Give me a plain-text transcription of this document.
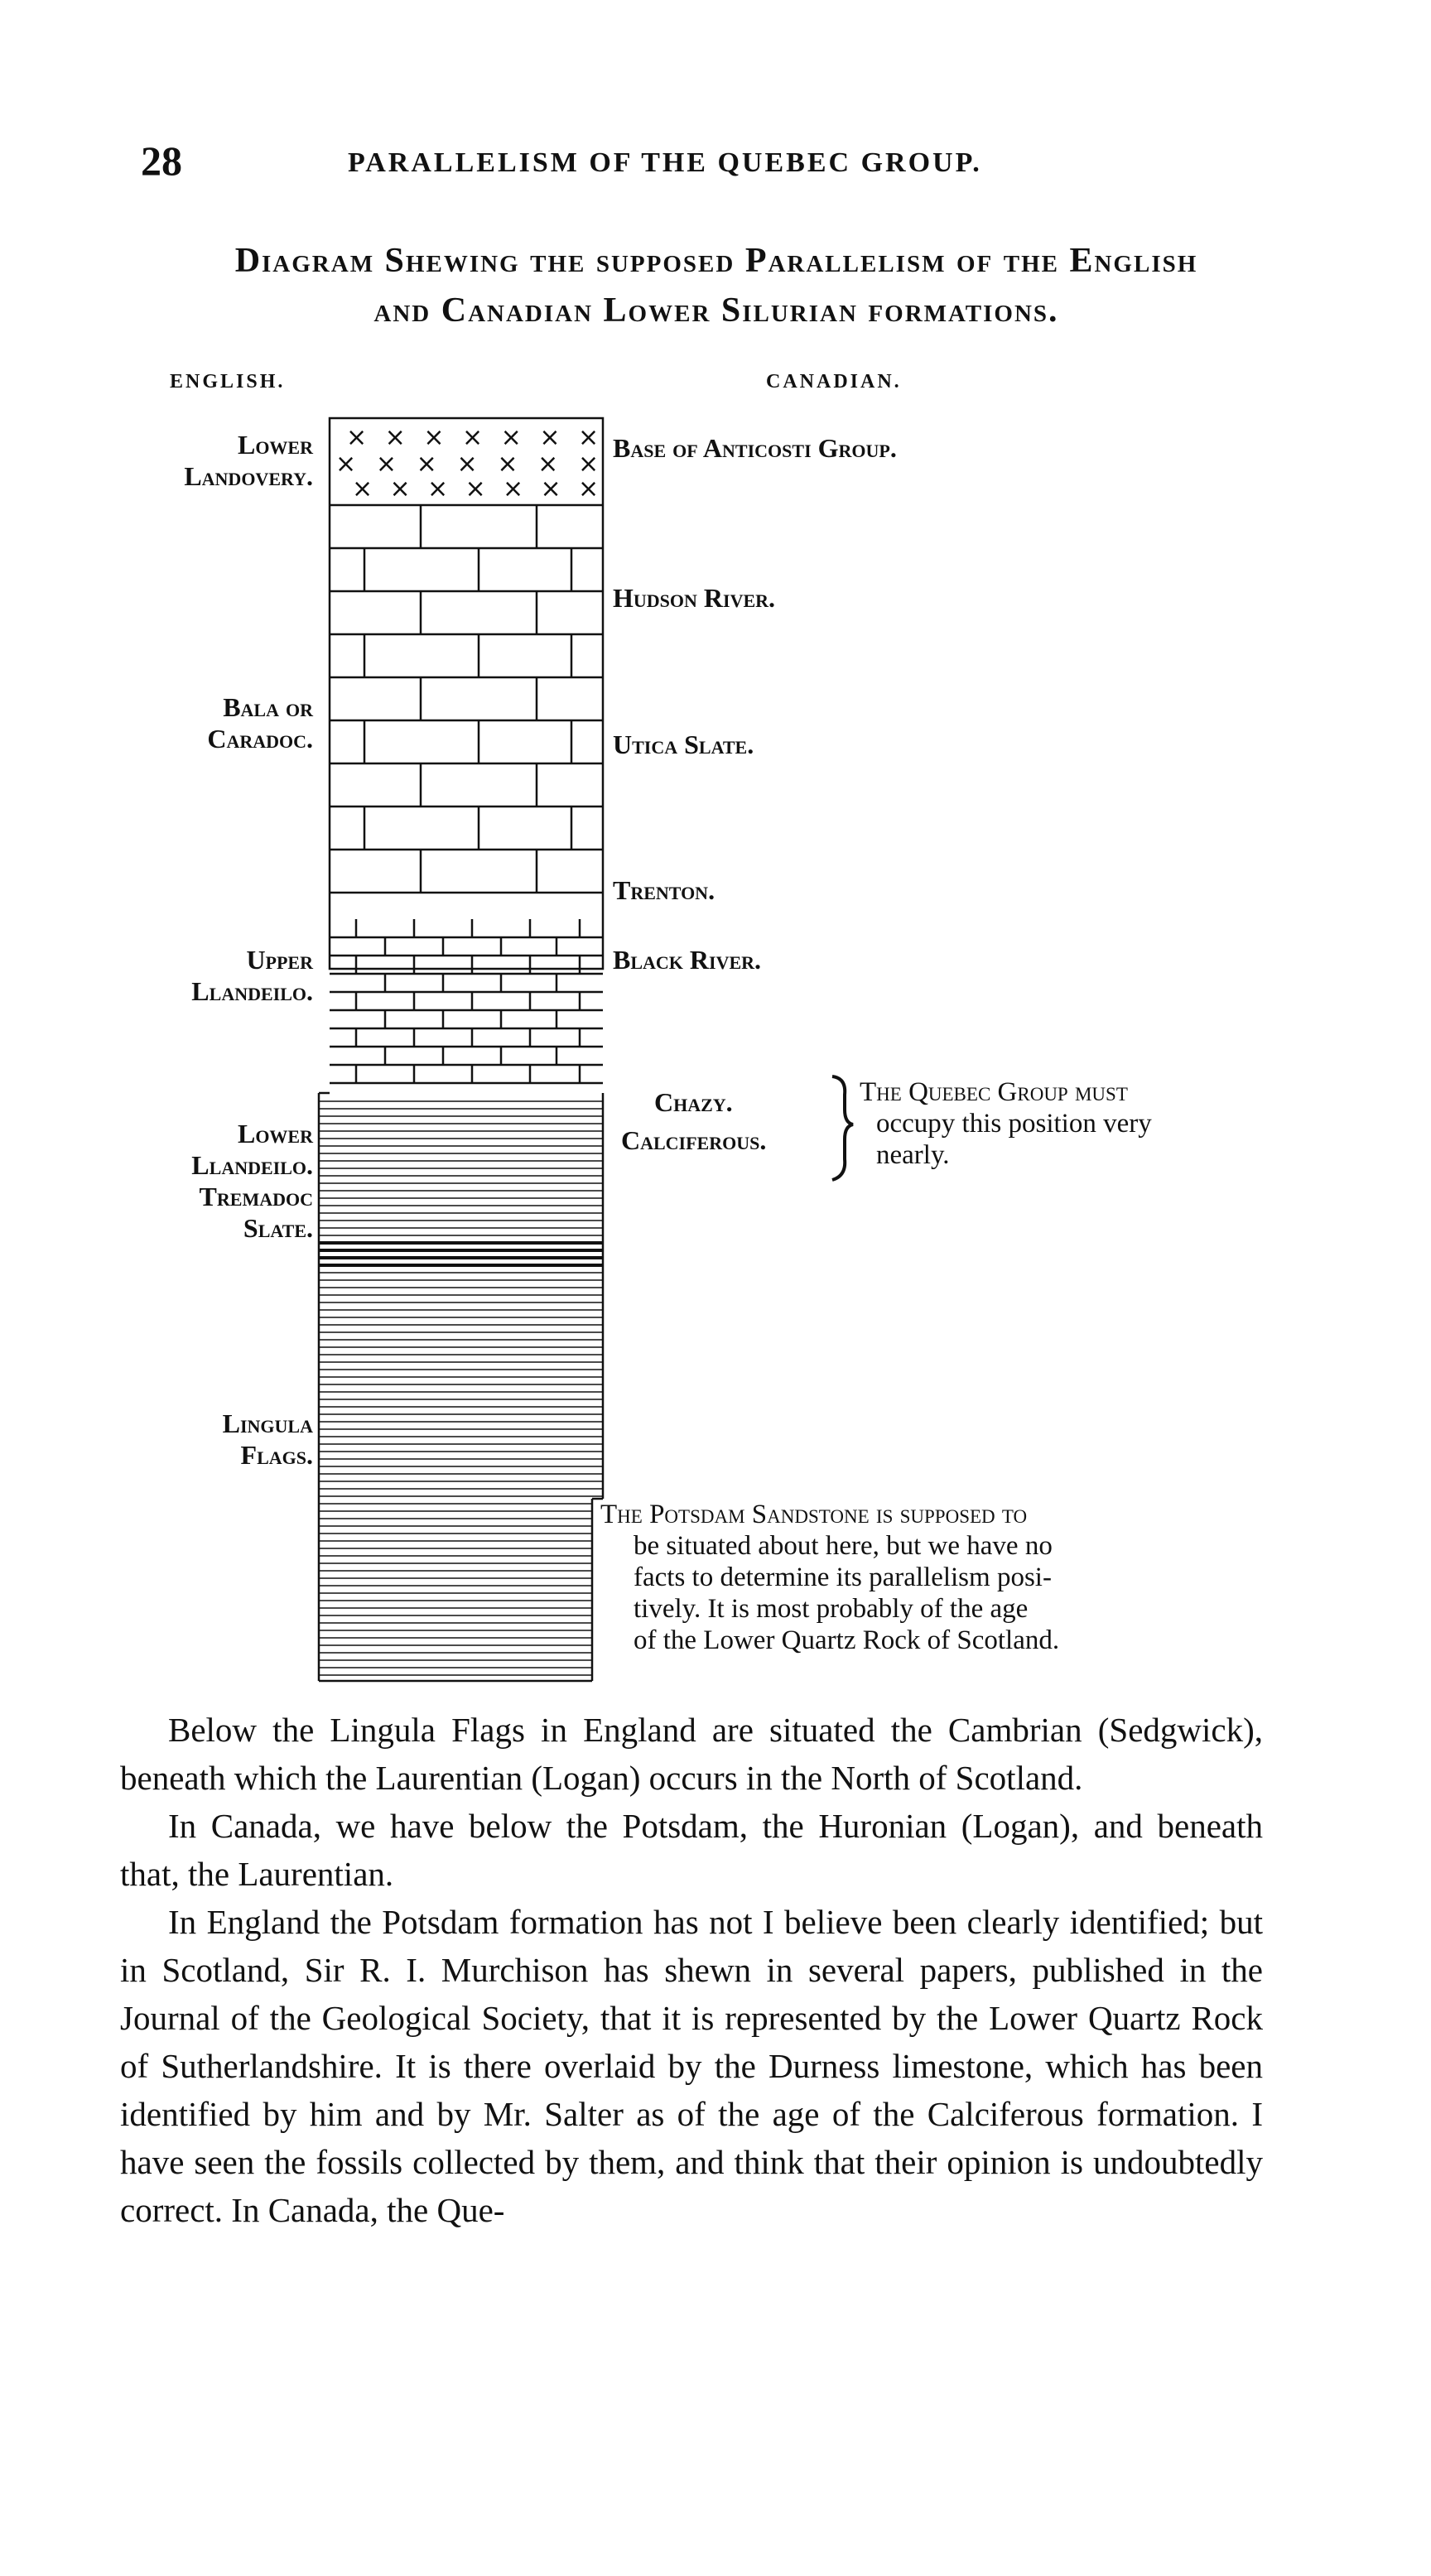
28	PARALLELISM OF THE QUEBEC GROUP.
Diagram Shewing the supposed Parallelism of the English
and Canadian Lower Silurian formations.
ENGLISH.	CANADIAN.
× × × × × × ×
× × × × × × ×
× × × × × × ×
Lower
Landovery.
Bala or
Caradoc.
Upper
Llandeilo.
Lower
Llandeilo.
Tremadoc
Slate.
Lingula
Flags.
Base of Anticosti Group.
Hudson River.
Utica Slate.
Trenton.
Black River.
Chazy.
Calciferous.
The Quebec Group must
occupy this position very
nearly.
The Potsdam Sandstone is supposed to
be situated about here, but we have no
facts to determine its parallelism posi-
tively. It is most probably of the age
of the Lower Quartz Rock of Scotland.

Below the Lingula Flags in England are situated the Cambrian (Sedgwick), beneath which the Laurentian (Logan) occurs in the North of Scotland.

In Canada, we have below the Potsdam, the Huronian (Logan), and beneath that, the Laurentian.

In England the Potsdam formation has not I believe been clearly identified; but in Scotland, Sir R. I. Murchison has shewn in several papers, published in the Journal of the Geological Society, that it is represented by the Lower Quartz Rock of Sutherlandshire. It is there overlaid by the Durness limestone, which has been identified by him and by Mr. Salter as of the age of the Calciferous formation. I have seen the fossils collected by them, and think that their opinion is undoubtedly correct. In Canada, the Que-
